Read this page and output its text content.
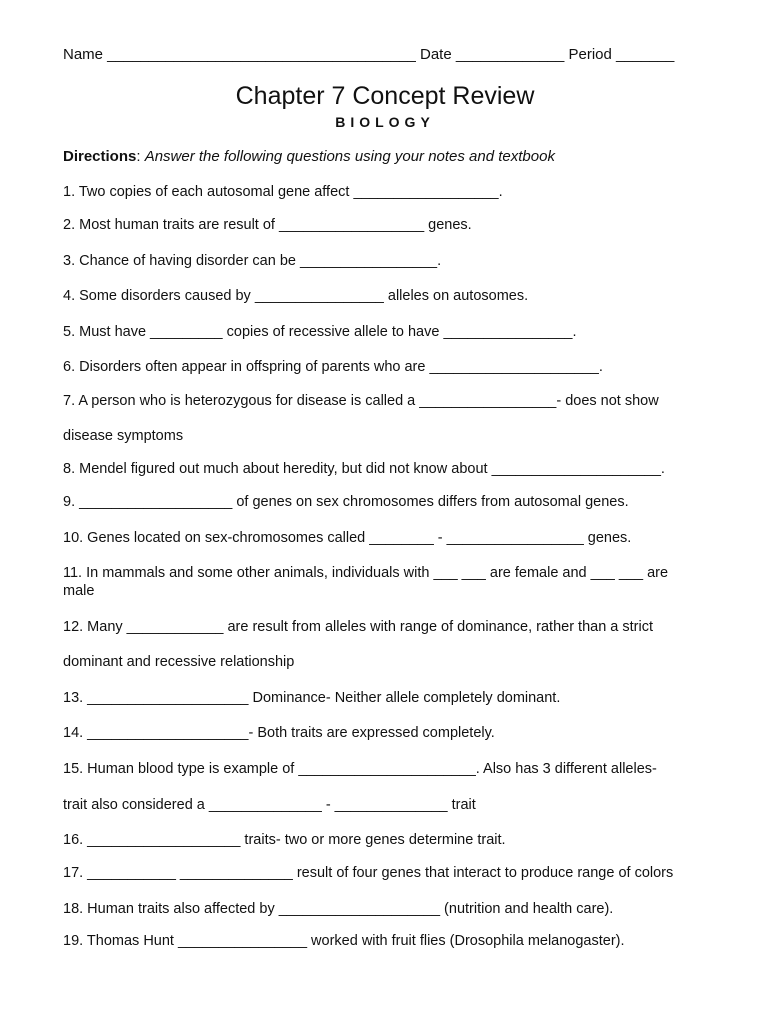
Name _____________________________________ Date _____________ Period _______
Chapter 7 Concept Review
BIOLOGY
Directions: Answer the following questions using your notes and textbook
1. Two copies of each autosomal gene affect __________________.
2. Most human traits are result of __________________ genes.
3. Chance of having disorder can be _________________.
4. Some disorders caused by ________________ alleles on autosomes.
5. Must have _________ copies of recessive allele to have ________________.
6. Disorders often appear in offspring of parents who are _____________________.
7. A person who is heterozygous for disease is called a _________________- does not show
disease symptoms
8. Mendel figured out much about heredity, but did not know about _____________________.
9. ___________________ of genes on sex chromosomes differs from autosomal genes.
10. Genes located on sex-chromosomes called ________ - _________________ genes.
11. In mammals and some other animals, individuals with ___ ___ are female and ___ ___ are
male
12. Many ____________ are result from alleles with range of dominance, rather than a strict
dominant and recessive relationship
13. ____________________ Dominance- Neither allele completely dominant.
14. ____________________- Both traits are expressed completely.
15. Human blood type is example of ______________________. Also has 3 different alleles-
trait also considered a ______________ - ______________ trait
16. ___________________ traits- two or more genes determine trait.
17. ___________ ______________ result of four genes that interact to produce range of colors
18. Human traits also affected by ____________________ (nutrition and health care).
19. Thomas Hunt ________________ worked with fruit flies (Drosophila melanogaster).
